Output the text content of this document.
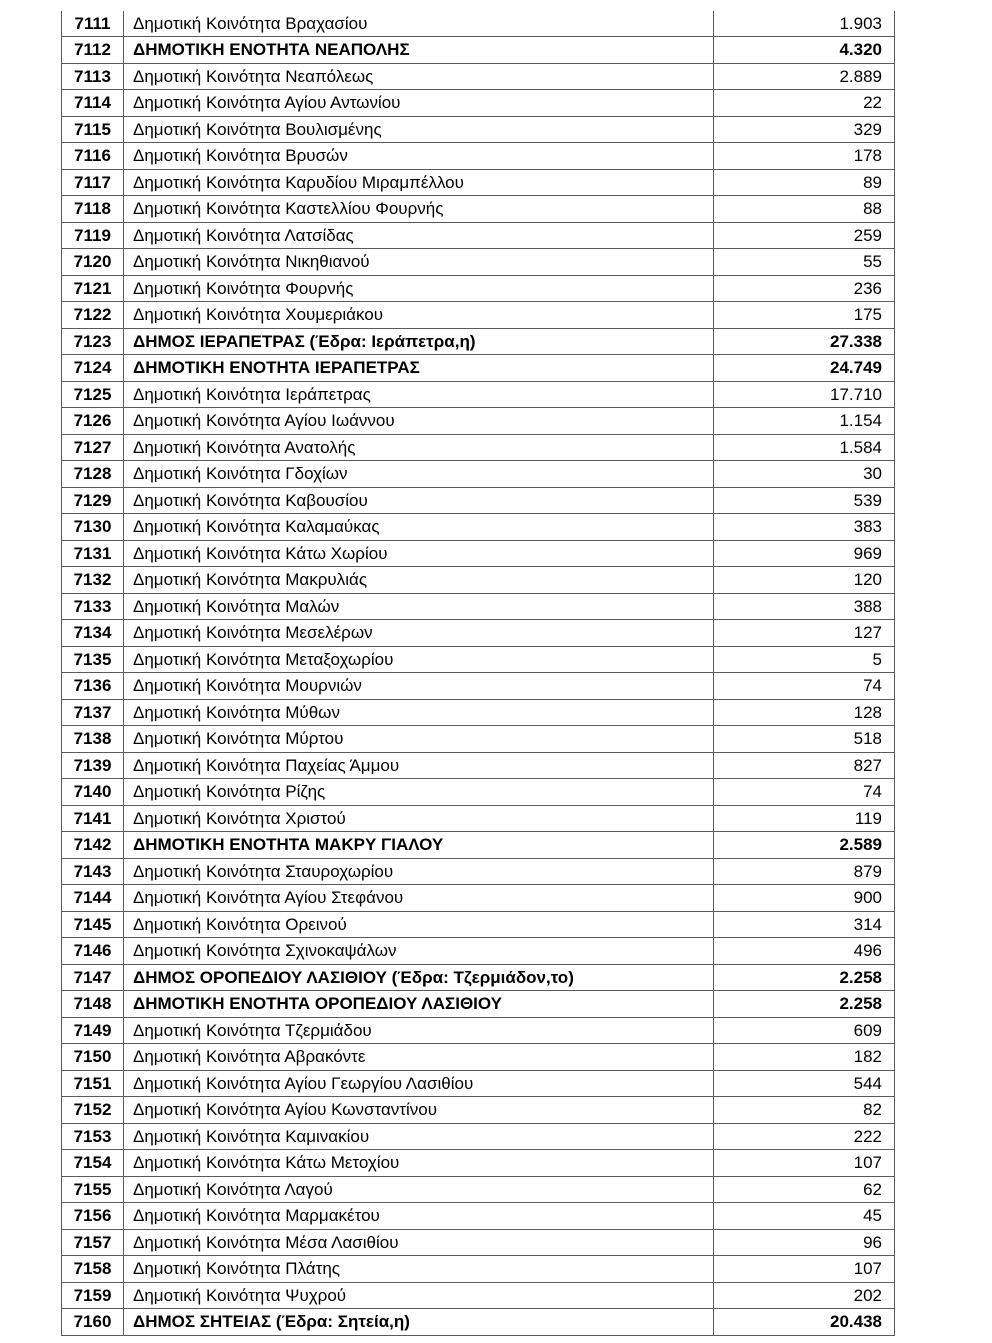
7111	Δημοτική Κοινότητα Βραχασίου	1.903
7112	ΔΗΜΟΤΙΚΗ ΕΝΟΤΗΤΑ ΝΕΑΠΟΛΗΣ	4.320
7113	Δημοτική Κοινότητα Νεαπόλεως	2.889
7114	Δημοτική Κοινότητα Αγίου Αντωνίου	22
7115	Δημοτική Κοινότητα Βουλισμένης	329
7116	Δημοτική Κοινότητα Βρυσών	178
7117	Δημοτική Κοινότητα Καρυδίου Μιραμπέλλου	89
7118	Δημοτική Κοινότητα Καστελλίου Φουρνής	88
7119	Δημοτική Κοινότητα Λατσίδας	259
7120	Δημοτική Κοινότητα Νικηθιανού	55
7121	Δημοτική Κοινότητα Φουρνής	236
7122	Δημοτική Κοινότητα Χουμεριάκου	175
7123	ΔΗΜΟΣ ΙΕΡΑΠΕΤΡΑΣ (Έδρα: Ιεράπετρα,η)	27.338
7124	ΔΗΜΟΤΙΚΗ ΕΝΟΤΗΤΑ ΙΕΡΑΠΕΤΡΑΣ	24.749
7125	Δημοτική Κοινότητα Ιεράπετρας	17.710
7126	Δημοτική Κοινότητα Αγίου Ιωάννου	1.154
7127	Δημοτική Κοινότητα Ανατολής	1.584
7128	Δημοτική Κοινότητα Γδοχίων	30
7129	Δημοτική Κοινότητα Καβουσίου	539
7130	Δημοτική Κοινότητα Καλαμαύκας	383
7131	Δημοτική Κοινότητα Κάτω Χωρίου	969
7132	Δημοτική Κοινότητα Μακρυλιάς	120
7133	Δημοτική Κοινότητα Μαλών	388
7134	Δημοτική Κοινότητα Μεσελέρων	127
7135	Δημοτική Κοινότητα Μεταξοχωρίου	5
7136	Δημοτική Κοινότητα Μουρνιών	74
7137	Δημοτική Κοινότητα Μύθων	128
7138	Δημοτική Κοινότητα Μύρτου	518
7139	Δημοτική Κοινότητα Παχείας Άμμου	827
7140	Δημοτική Κοινότητα Ρίζης	74
7141	Δημοτική Κοινότητα Χριστού	119
7142	ΔΗΜΟΤΙΚΗ ΕΝΟΤΗΤΑ ΜΑΚΡΥ ΓΙΑΛΟΥ	2.589
7143	Δημοτική Κοινότητα Σταυροχωρίου	879
7144	Δημοτική Κοινότητα Αγίου Στεφάνου	900
7145	Δημοτική Κοινότητα Ορεινού	314
7146	Δημοτική Κοινότητα Σχινοκαψάλων	496
7147	ΔΗΜΟΣ ΟΡΟΠΕΔΙΟΥ ΛΑΣΙΘΙΟΥ (Έδρα: Τζερμιάδον,το)	2.258
7148	ΔΗΜΟΤΙΚΗ ΕΝΟΤΗΤΑ ΟΡΟΠΕΔΙΟΥ ΛΑΣΙΘΙΟΥ	2.258
7149	Δημοτική Κοινότητα Τζερμιάδου	609
7150	Δημοτική Κοινότητα Αβρακόντε	182
7151	Δημοτική Κοινότητα Αγίου Γεωργίου Λασιθίου	544
7152	Δημοτική Κοινότητα Αγίου Κωνσταντίνου	82
7153	Δημοτική Κοινότητα Καμινακίου	222
7154	Δημοτική Κοινότητα Κάτω Μετοχίου	107
7155	Δημοτική Κοινότητα Λαγού	62
7156	Δημοτική Κοινότητα Μαρμακέτου	45
7157	Δημοτική Κοινότητα Μέσα Λασιθίου	96
7158	Δημοτική Κοινότητα Πλάτης	107
7159	Δημοτική Κοινότητα Ψυχρού	202
7160	ΔΗΜΟΣ ΣΗΤΕΙΑΣ (Έδρα: Σητεία,η)	20.438
